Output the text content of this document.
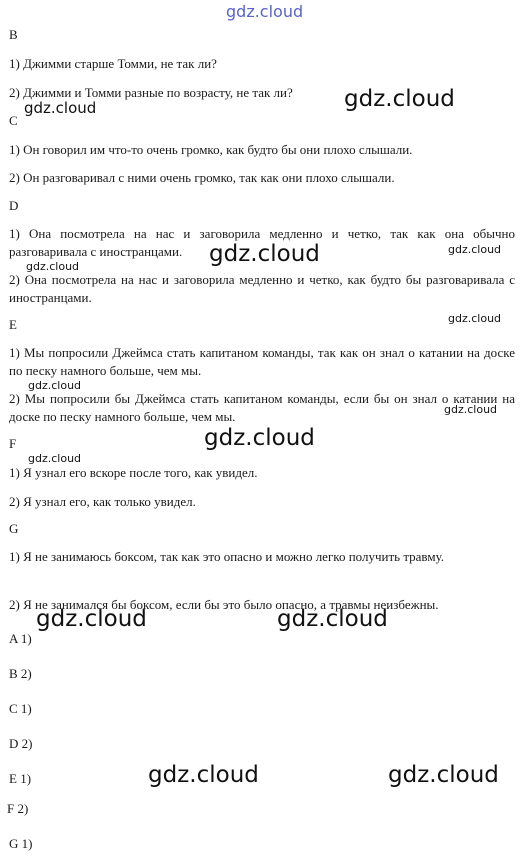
gdz.cloud
B
1) Джимми старше Томми, не так ли?
2) Джимми и Томми разные по возрасту, не так ли?
C
1) Он говорил им что-то очень громко, как будто бы они плохо слышали.
2) Он разговаривал с ними очень громко, так как они плохо слышали.
D
1) Она посмотрела на нас и заговорила медленно и четко, так как она обычно разговаривала с иностранцами.
2) Она посмотрела на нас и заговорила медленно и четко, как будто бы разговаривала с иностранцами.
E
1) Мы попросили Джеймса стать капитаном команды, так как он знал о катании на доске по песку намного больше, чем мы.
2) Мы попросили бы Джеймса стать капитаном команды, если бы он знал о катании на доске по песку намного больше, чем мы.
F
1) Я узнал его вскоре после того, как увидел.
2) Я узнал его, как только увидел.
G
1) Я не занимаюсь боксом, так как это опасно и можно легко получить травму.
2) Я не занимался бы боксом, если бы это было опасно, а травмы неизбежны.
A 1)
B 2)
C 1)
D 2)
E 1)
F 2)
G 1)
gdz.cloud
gdz.cloud
gdz.cloud
gdz.cloud	gdz.cloud
gdz.cloud	gdz.cloud
gdz.cloud
gdz.cloud
gdz.cloud
gdz.cloud
gdz.cloud
gdz.cloud
gdz.cloud
